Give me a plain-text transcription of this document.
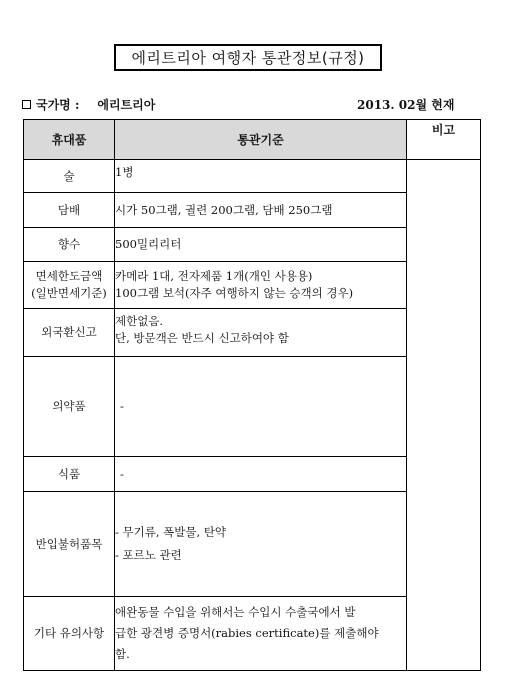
에리트리아 여행자 통관정보(규정)
국가명 : 에리트리아	2013. 02월 현재
휴대품	통관기준	비고

술	1병	

담배	시가 50그램, 궐련 200그램, 담배 250그램	

향수	500밀리리터	

면세한도금액
(일반면세기준)	카메라 1대, 전자제품 1개(개인 사용용)
100그램 보석(자주 여행하지 않는 승객의 경우)	

외국환신고	제한없음.
단, 방문객은 반드시 신고하여야 함	

의약품	-	

식품	-	

반입불허품목	- 무기류, 폭발물, 탄약
- 포르노 관련	

기타 유의사항	애완동물 수입을 위해서는 수입시 수출국에서 발
급한 광견병 증명서(rabies certificate)를 제출해야
함.	
